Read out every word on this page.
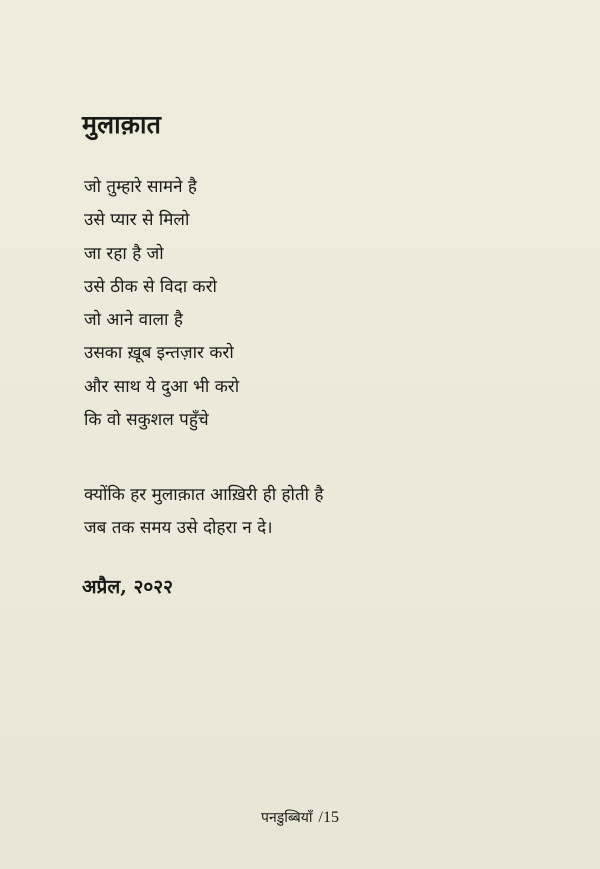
मुलाक़ात
जो तुम्हारे सामने है
उसे प्यार से मिलो
जा रहा है जो
उसे ठीक से विदा करो
जो आने वाला है
उसका ख़ूब इन्तज़ार करो
और साथ ये दुआ भी करो
कि वो सकुशल पहुँचे
क्योंकि हर मुलाक़ात आख़िरी ही होती है
जब तक समय उसे दोहरा न दे।
अप्रैल, २०२२
पनडुब्बियाँ /15
